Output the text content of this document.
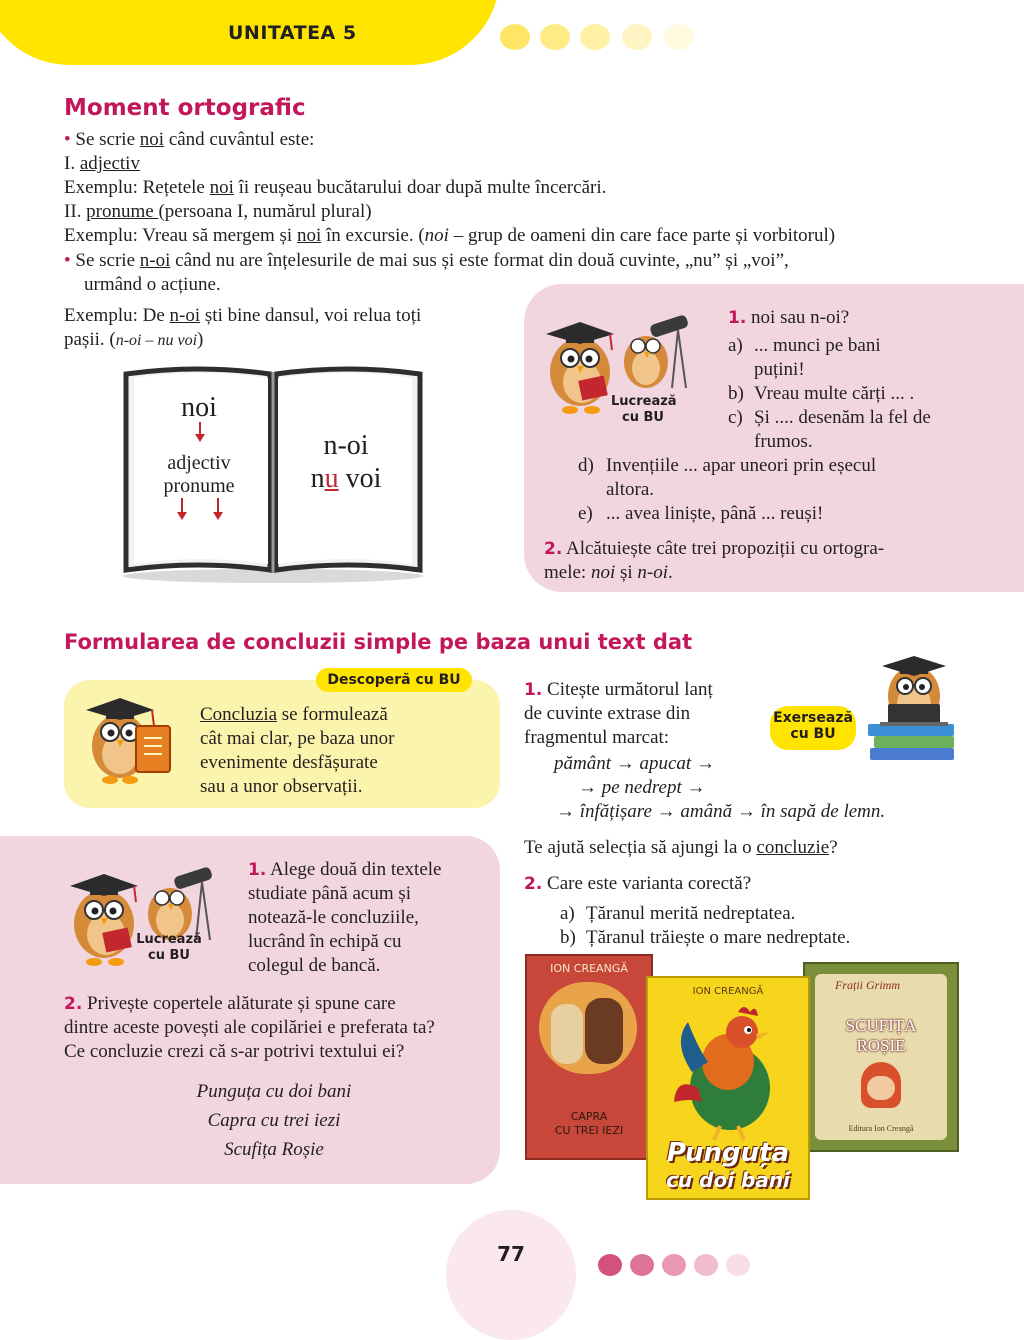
UNITATEA 5
Moment ortografic
• Se scrie noi când cuvântul este:
I. adjectiv
Exemplu: Rețetele noi îi reușeau bucătarului doar după multe încercări.
II. pronume (persoana I, numărul plural)
Exemplu: Vreau să mergem și noi în excursie. (noi – grup de oameni din care face parte și vorbitorul)
• Se scrie n-oi când nu are înțelesurile de mai sus și este format din două cuvinte, „nu” și „voi”,
urmând o acțiune.
Exemplu: De n-oi ști bine dansul, voi relua toți
pașii. (n-oi – nu voi)
noi
adjectiv
pronume
n-oi
nu voi
Lucrează cu BU
1. noi sau n-oi?
a) ... munci pe bani
puțini!
b) Vreau multe cărți ... .
c) Și .... desenăm la fel de
frumos.
d) Invențiile ... apar uneori prin eșecul
altora.
e) ... avea liniște, până ... reuși!
2. Alcătuiește câte trei propoziții cu ortogra-
mele: noi și n-oi.
Formularea de concluzii simple pe baza unui text dat
Descoperă cu BU
Concluzia se formulează
cât mai clar, pe baza unor
evenimente desfășurate
sau a unor observații.
Lucrează cu BU
1. Alege două din textele
studiate până acum și
notează-le concluziile,
lucrând în echipă cu
colegul de bancă.
2. Privește copertele alăturate și spune care
dintre aceste povești ale copilăriei e preferata ta?
Ce concluzie crezi că s-ar potrivi textului ei?
Punguța cu doi bani
Capra cu trei iezi
Scufița Roșie
1. Citește următorul lanț
de cuvinte extrase din
fragmentul marcat:
pământ → apucat →
→ pe nedrept →
→ înfățișare → amână → în sapă de lemn.
Exersează cu BU
Te ajută selecția să ajungi la o concluzie?
2. Care este varianta corectă?
a) Țăranul merită nedreptatea.
b) Țăranul trăiește o mare nedreptate.
ION CREANGĂ
CAPRA
CU TREI IEZI
Frații Grimm
SCUFIȚA
ROȘIE
Editura Ion Creangă
ION CREANGĂ
Punguța
cu doi bani
77
